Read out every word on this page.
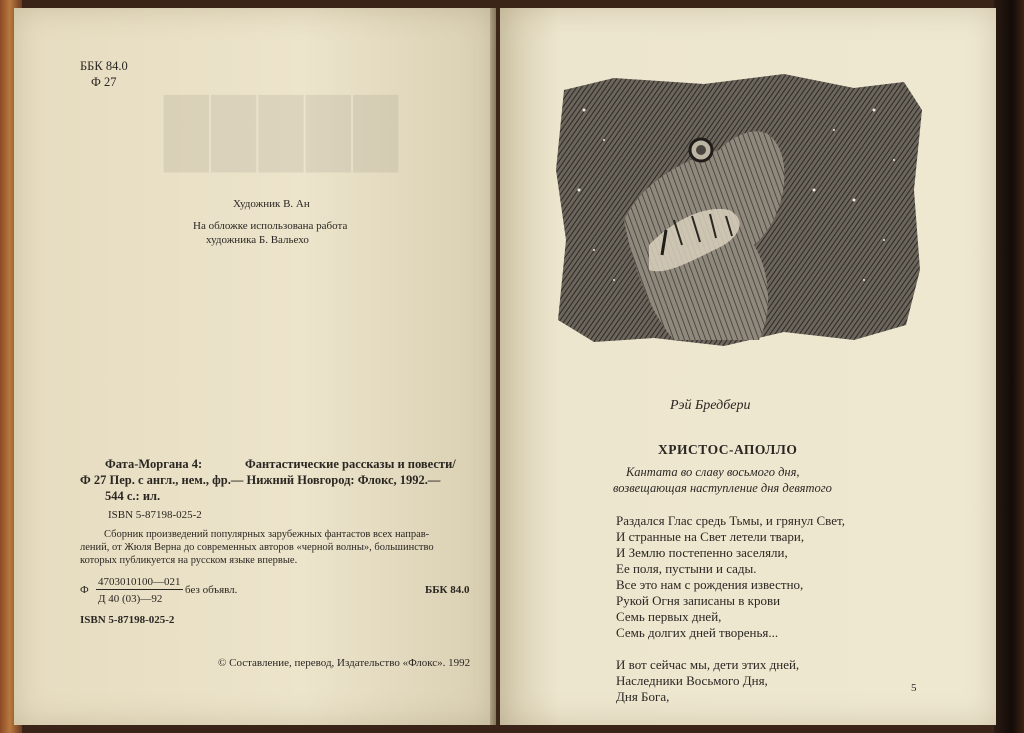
█████
ББК 84.0
Ф 27
Художник В. Ан
На обложке использована работа
художника Б. Вальехо
Фата-Моргана 4:	Фантастические рассказы и повести/
Ф 27 Пер. с англ., нем., фр.— Нижний Новгород: Флокс, 1992.—
544 с.: ил.
ISBN 5-87198-025-2
Сборник произведений популярных зарубежных фантастов всех направ-
лений, от Жюля Верна до современных авторов «черной волны», большинство
которых публикуется на русском языке впервые.
Ф
4703010100—021
Д 40 (03)—92
без объявл.	ББК 84.0
ISBN 5-87198-025-2
© Составление, перевод, Издательство «Флокс». 1992
Рэй Бредбери
ХРИСТОС-АПОЛЛО
Кантата во славу восьмого дня,
возвещающая наступление дня девятого
Раздался Глас средь Тьмы, и грянул Свет,
И странные на Свет летели твари,
И Землю постепенно заселяли,
Ее поля, пустыни и сады.
Все это нам с рождения известно,
Рукой Огня записаны в крови
Семь первых дней,
Семь долгих дней творенья...
И вот сейчас мы, дети этих дней,
Наследники Восьмого Дня,
Дня Бога,
5
